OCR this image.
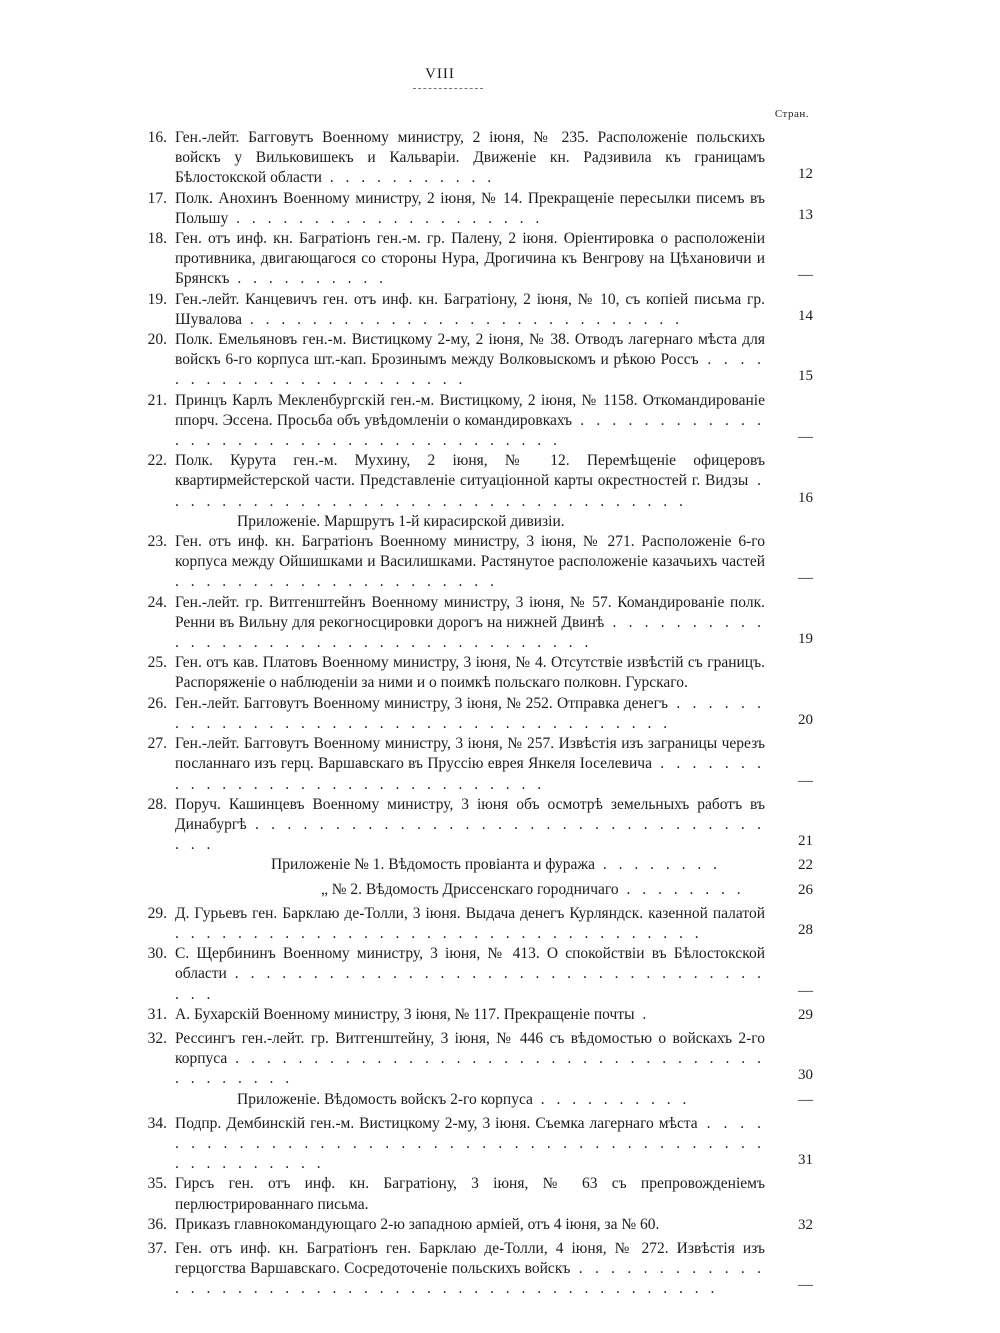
VIII
Стран.
16. Ген.-лейт. Багговутъ Военному министру, 2 іюня, № 235. Расположеніе польскихъ войскъ у Вильковишекъ и Кальваріи. Движеніе кн. Радзивила къ границамъ Бѣлостокской области . . . . . . . . . . .	12
17. Полк. Анохинъ Военному министру, 2 іюня, № 14. Прекращеніе пересылки писемъ въ Польшу . . . . . . . . . . . . . . . . . . . .	13
18. Ген. отъ инф. кн. Багратіонъ ген.-м. гр. Палену, 2 іюня. Оріентировка о расположеніи противника, двигающагося со стороны Нура, Дрогичина къ Венгрову на Цѣхановичи и Брянскъ . . . . . . . . . .	—
19. Ген.-лейт. Канцевичъ ген. отъ инф. кн. Багратіону, 2 іюня, № 10, съ копіей письма гр. Шувалова . . . . . . . . . . . . . . . . . . . . . . . . . . . .	14
20. Полк. Емельяновъ ген.-м. Вистицкому 2-му, 2 іюня, № 38. Отводъ лагернаго мѣста для войскъ 6-го корпуса шт.-кап. Брозинымъ между Волковыскомъ и рѣкою Россъ . . . . . . . . . . . . . . . . . . . . . . .	15
21. Принцъ Карлъ Мекленбургскій ген.-м. Вистицкому, 2 іюня, № 1158. Откомандированіе ппорч. Эссена. Просьба объ увѣдомленіи о командировкахъ . . . . . . . . . . . . . . . . . . . . . . . . . . . . . . . . . . . . .	—
22. Полк. Курута ген.-м. Мухину, 2 іюня, № 12. Перемѣщеніе офицеровъ квартирмейстерской части. Представленіе ситуаціонной карты окрестностей г. Видзы . . . . . . . . . . . . . . . . . . . . . . . . . . . . . . . . . .	16
Приложеніе. Маршрутъ 1-й кирасирской дивизіи.
23. Ген. отъ инф. кн. Багратіонъ Военному министру, 3 іюня, № 271. Расположеніе 6-го корпуса между Ойшишками и Василишками. Растянутое расположеніе казачьихъ частей . . . . . . . . . . . . . . . . . . . . .	—
24. Ген.-лейт. гр. Витгенштейнъ Военному министру, 3 іюня, № 57. Командированіе полк. Ренни въ Вильну для рекогносцировки дорогъ на нижней Двинѣ . . . . . . . . . . . . . . . . . . . . . . . . . . . . . . . . . . . . .	19
25. Ген. отъ кав. Платовъ Военному министру, 3 іюня, № 4. Отсутствіе извѣстій съ границъ. Распоряженіе о наблюденіи за ними и о поимкѣ польскаго полковн. Гурскаго.
26. Ген.-лейт. Багговутъ Военному министру, 3 іюня, № 252. Отправка денегъ . . . . . . . . . . . . . . . . . . . . . . . . . . . . . . . . . . . . . .	20
27. Ген.-лейт. Багговутъ Военному министру, 3 іюня, № 257. Извѣстія изъ заграницы черезъ посланнаго изъ герц. Варшавскаго въ Пруссію еврея Янкеля Іоселевича . . . . . . . . . . . . . . . . . . . . . . . . . . . . . . .	—
28. Поруч. Кашинцевъ Военному министру, 3 іюня объ осмотрѣ земельныхъ работъ въ Динабургѣ . . . . . . . . . . . . . . . . . . . . . . . . . . . . . . . . . . .	21
Приложеніе № 1. Вѣдомость провіанта и фуража . . . . . . . .	22
„ № 2. Вѣдомость Дриссенскаго городничаго . . . . . . . .	26
29. Д. Гурьевъ ген. Барклаю де-Толли, 3 іюня. Выдача денегъ Курляндск. казенной палатой . . . . . . . . . . . . . . . . . . . . . . . . . . . . . . . . . .	28
30. С. Щербининъ Военному министру, 3 іюня, № 413. О спокойствіи въ Бѣлостокской области . . . . . . . . . . . . . . . . . . . . . . . . . . . . . . . . . . . . .	—
31. А. Бухарскій Военному министру, 3 іюня, № 117. Прекращеніе почты .	29
32. Рессингъ ген.-лейт. гр. Витгенштейну, 3 іюня, № 446 съ вѣдомостью о войскахъ 2-го корпуса . . . . . . . . . . . . . . . . . . . . . . . . . . . . . . . . . . . . . . . . . .	30
Приложеніе. Вѣдомость войскъ 2-го корпуса . . . . . . . . . .	—
34. Подпр. Дембинскій ген.-м. Вистицкому 2-му, 3 іюня. Съемка лагернаго мѣста . . . . . . . . . . . . . . . . . . . . . . . . . . . . . . . . . . . . . . . . . . . . . . . . . . .	31
35. Гирсъ ген. отъ инф. кн. Багратіону, 3 іюня, № 63 съ препровожденіемъ перлюстрированнаго письма.
36. Приказъ главнокомандующаго 2-ю западною арміей, отъ 4 іюня, за № 60.	32
37. Ген. отъ инф. кн. Багратіонъ ген. Барклаю де-Толли, 4 іюня, № 272. Извѣстія изъ герцогства Варшавскаго. Сосредоточеніе польскихъ войскъ . . . . . . . . . . . . . . . . . . . . . . . . . . . . . . . . . . . . . . . . . . . . . . .	—
